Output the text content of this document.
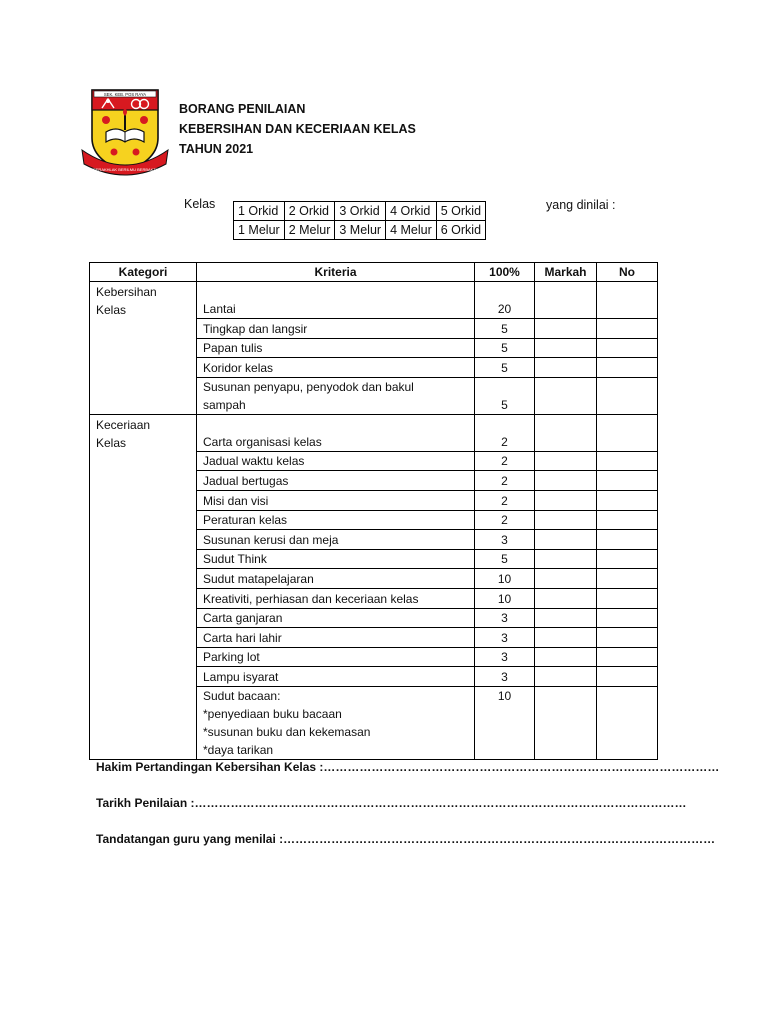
SEK. KEB. POS RAYA
BERAKHLAK BERILMU BERBAKTI
BORANG PENILAIAN
KEBERSIHAN DAN KECERIAAN KELAS
TAHUN 2021
Kelas 1 Orkid	2 Orkid	3 Orkid	4 Orkid	5 Orkid
1 Melur	2 Melur	3 Melur	4 Melur	6 Orkid
yang dinilai :
Kategori	Kriteria	100%	Markah	No

Kebersihan
Kelas	Lantai	20		
	Tingkap dan langsir	5		
	Papan tulis	5		
	Koridor kelas	5		

	Susunan penyapu, penyodok dan bakul
sampah	5		

Keceriaan
Kelas	Carta organisasi kelas	2		
	Jadual waktu kelas	2		
	Jadual bertugas	2		
	Misi dan visi	2		
	Peraturan kelas	2		
	Susunan kerusi dan meja	3		
	Sudut Think	5		
	Sudut matapelajaran	10		
	Kreativiti, perhiasan dan keceriaan kelas	10		
	Carta ganjaran	3		
	Carta hari lahir	3		
	Parking lot	3		
	Lampu isyarat	3		

	Sudut bacaan:
*penyediaan buku bacaan
*susunan buku dan kekemasan
*daya tarikan	10		
Hakim Pertandingan Kebersihan Kelas :………………………………………………………………………………………
Tarikh Penilaian :……………………………………………………………………………………………………………
Tandatangan guru yang menilai :………………………………………………………………………………………………
